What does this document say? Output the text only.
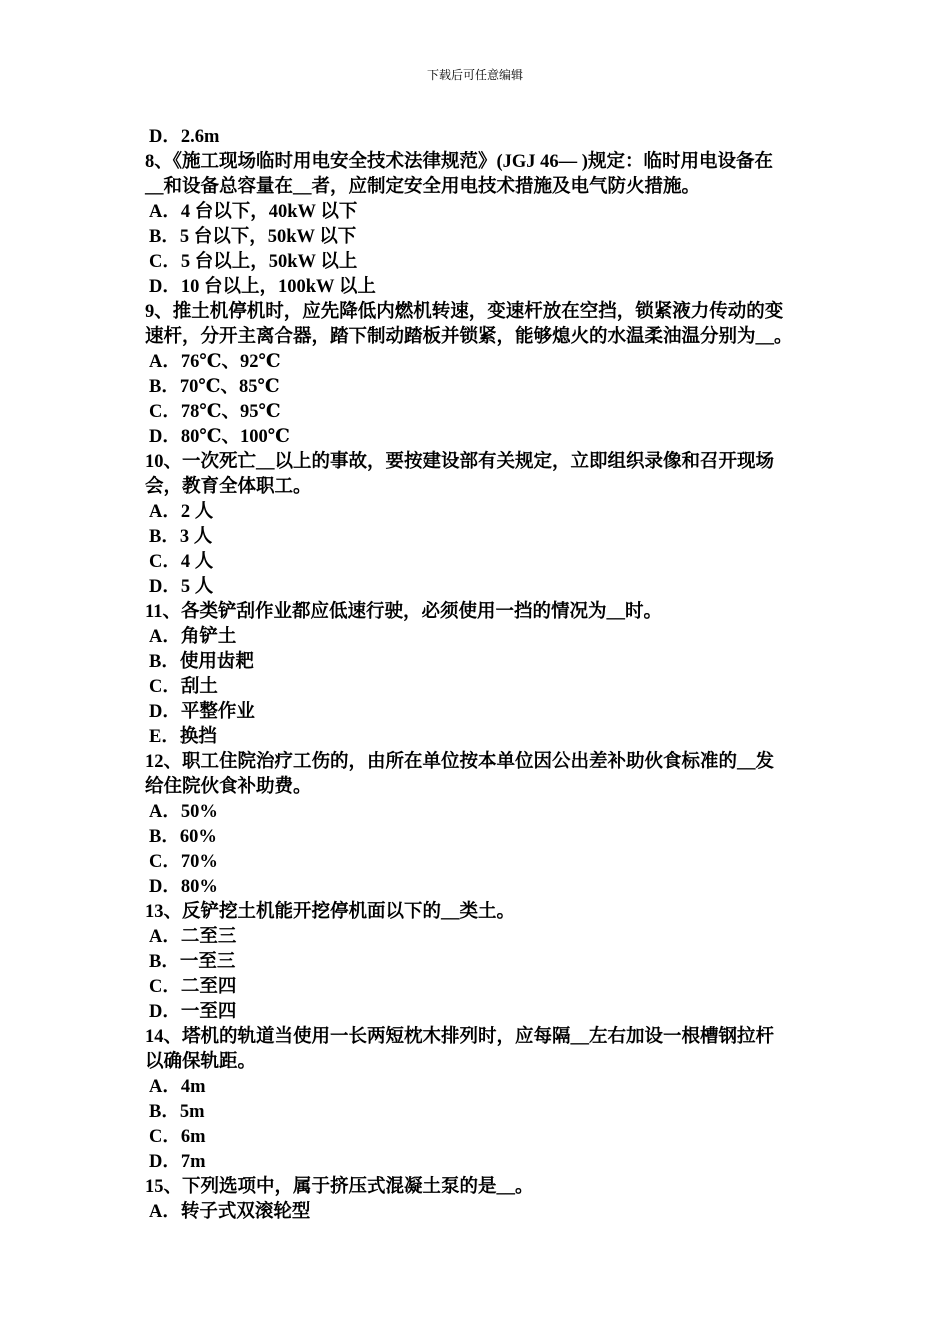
下载后可任意编辑
D．2.6m
8、《施工现场临时用电安全技术法律规范》(JGJ 46— )规定：临时用电设备在
__和设备总容量在__者，应制定安全用电技术措施及电气防火措施。
A．4 台以下，40kW 以下
B．5 台以下，50kW 以下
C．5 台以上，50kW 以上
D．10 台以上，100kW 以上
9、推土机停机时，应先降低内燃机转速，变速杆放在空挡，锁紧液力传动的变
速杆，分开主离合器，踏下制动踏板并锁紧，能够熄火的水温柔油温分别为__。
A．76℃、92℃
B．70℃、85℃
C．78℃、95℃
D．80℃、100℃
10、一次死亡__以上的事故，要按建设部有关规定，立即组织录像和召开现场
会，教育全体职工。
A．2 人
B．3 人
C．4 人
D．5 人
11、各类铲刮作业都应低速行驶，必须使用一挡的情况为__时。
A．角铲土
B．使用齿耙
C．刮土
D．平整作业
E．换挡
12、职工住院治疗工伤的，由所在单位按本单位因公出差补助伙食标准的__发
给住院伙食补助费。
A．50%
B．60%
C．70%
D．80%
13、反铲挖土机能开挖停机面以下的__类土。
A．二至三
B．一至三
C．二至四
D．一至四
14、塔机的轨道当使用一长两短枕木排列时，应每隔__左右加设一根槽钢拉杆
以确保轨距。
A．4m
B．5m
C．6m
D．7m
15、下列选项中，属于挤压式混凝土泵的是__。
A．转子式双滚轮型
